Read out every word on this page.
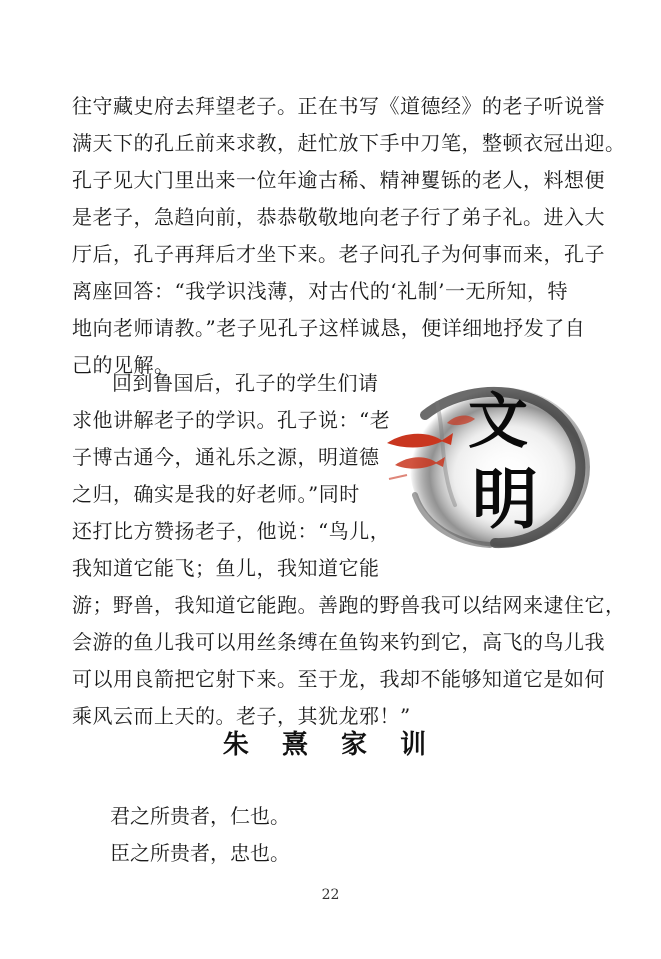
往守藏史府去拜望老子。正在书写《道德经》的老子听说誉

满天下的孔丘前来求教，赶忙放下手中刀笔，整顿衣冠出迎。

孔子见大门里出来一位年逾古稀、精神矍铄的老人，料想便

是老子，急趋向前，恭恭敬敬地向老子行了弟子礼。进入大

厅后，孔子再拜后才坐下来。老子问孔子为何事而来，孔子

离座回答：“我学识浅薄，对古代的‘礼制’一无所知，特

地向老师请教。”老子见孔子这样诚恳，便详细地抒发了自

己的见解。

回到鲁国后，孔子的学生们请

求他讲解老子的学识。孔子说：“老

子博古通今，通礼乐之源，明道德

之归，确实是我的好老师。”同时

还打比方赞扬老子，他说：“鸟儿，

我知道它能飞；鱼儿，我知道它能

游；野兽，我知道它能跑。善跑的野兽我可以结网来逮住它，

会游的鱼儿我可以用丝条缚在鱼钩来钓到它，高飞的鸟儿我

可以用良箭把它射下来。至于龙，我却不能够知道它是如何

乘风云而上天的。老子，其犹龙邪！”

文
明
朱 熹 家 训

君之所贵者，仁也。

臣之所贵者，忠也。

22
